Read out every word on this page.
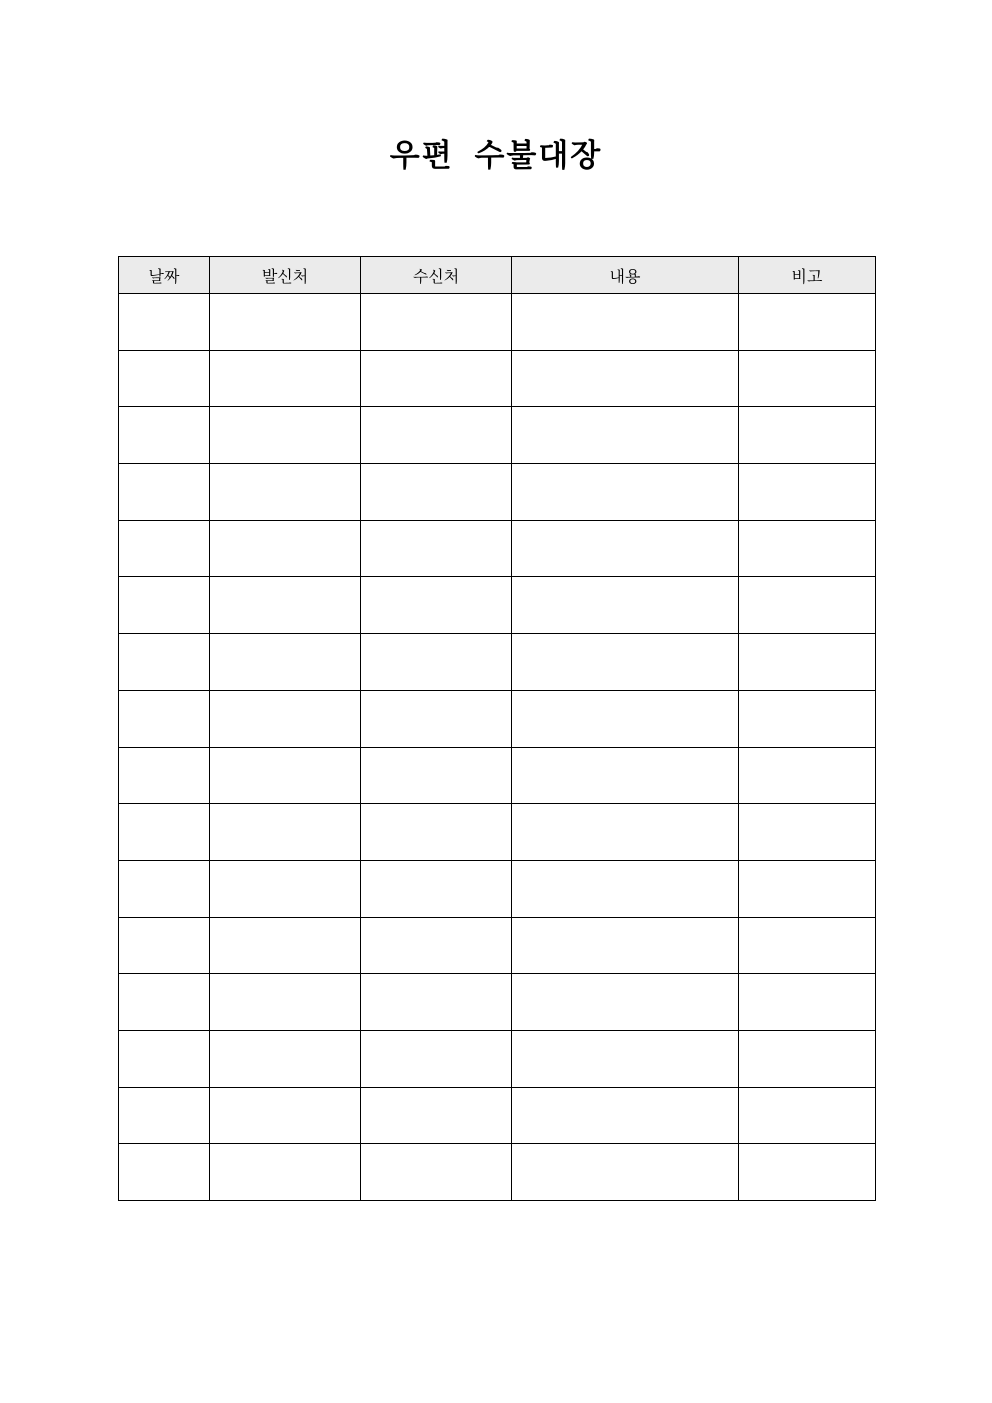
우편 수불대장
날짜	발신처	수신처	내용	비고
